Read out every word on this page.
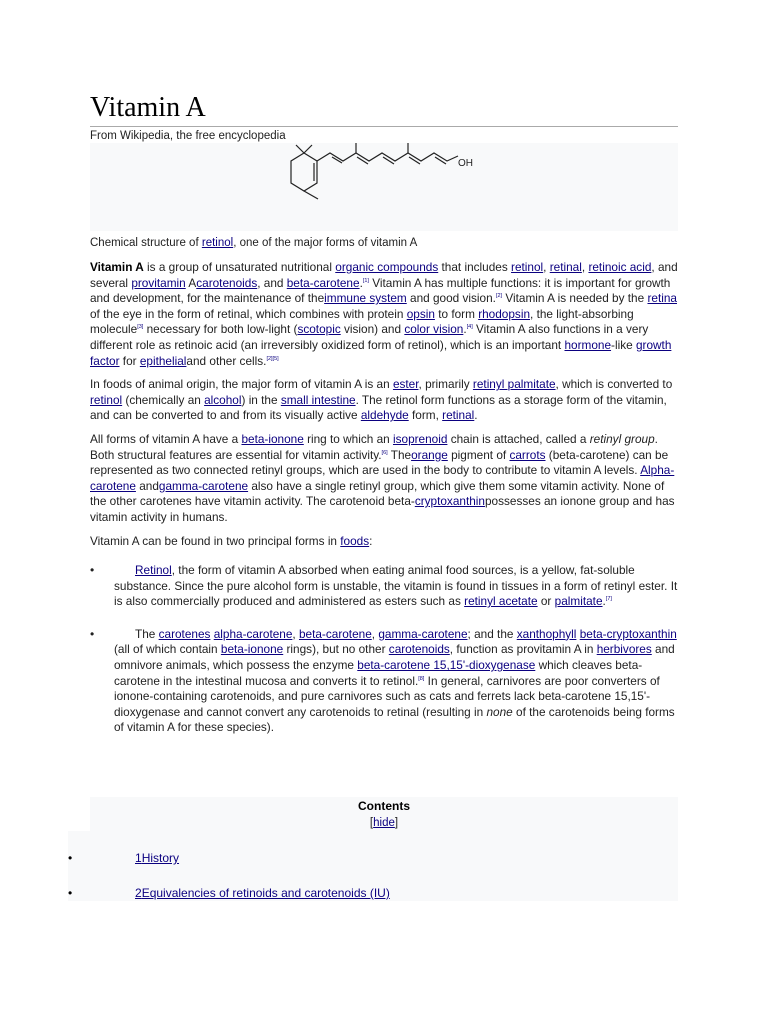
Vitamin A
From Wikipedia, the free encyclopedia
OH
Chemical structure of retinol, one of the major forms of vitamin A

Vitamin A is a group of unsaturated nutritional organic compounds that includes retinol, retinal, retinoic acid, and several provitamin Acarotenoids, and beta-carotene.[1] Vitamin A has multiple functions: it is important for growth and development, for the maintenance of theimmune system and good vision.[2] Vitamin A is needed by the retina of the eye in the form of retinal, which combines with protein opsin to form rhodopsin, the light-absorbing molecule[3] necessary for both low-light (scotopic vision) and color vision.[4] Vitamin A also functions in a very different role as retinoic acid (an irreversibly oxidized form of retinol), which is an important hormone-like growth factor for epithelialand other cells.[2][5]

In foods of animal origin, the major form of vitamin A is an ester, primarily retinyl palmitate, which is converted to retinol (chemically an alcohol) in the small intestine. The retinol form functions as a storage form of the vitamin, and can be converted to and from its visually active aldehyde form, retinal.

All forms of vitamin A have a beta-ionone ring to which an isoprenoid chain is attached, called a retinyl group. Both structural features are essential for vitamin activity.[6] Theorange pigment of carrots (beta-carotene) can be represented as two connected retinyl groups, which are used in the body to contribute to vitamin A levels. Alpha-carotene andgamma-carotene also have a single retinyl group, which give them some vitamin activity. None of the other carotenes have vitamin activity. The carotenoid beta-cryptoxanthinpossesses an ionone group and has vitamin activity in humans.

Vitamin A can be found in two principal forms in foods:

•	Retinol, the form of vitamin A absorbed when eating animal food sources, is a yellow, fat-soluble substance. Since the pure alcohol form is unstable, the vitamin is found in tissues in a form of retinyl ester. It is also commercially produced and administered as esters such as retinyl acetate or palmitate.[7]
•	The carotenes alpha-carotene, beta-carotene, gamma-carotene; and the xanthophyll beta-cryptoxanthin (all of which contain beta-ionone rings), but no other carotenoids, function as provitamin A in herbivores and omnivore animals, which possess the enzyme beta-carotene 15,15'-dioxygenase which cleaves beta-carotene in the intestinal mucosa and converts it to retinol.[8] In general, carnivores are poor converters of ionone-containing carotenoids, and pure carnivores such as cats and ferrets lack beta-carotene 15,15'-dioxygenase and cannot convert any carotenoids to retinal (resulting in none of the carotenoids being forms of vitamin A for these species).
Contents
[hide]
•	1History
•	2Equivalencies of retinoids and carotenoids (IU)
